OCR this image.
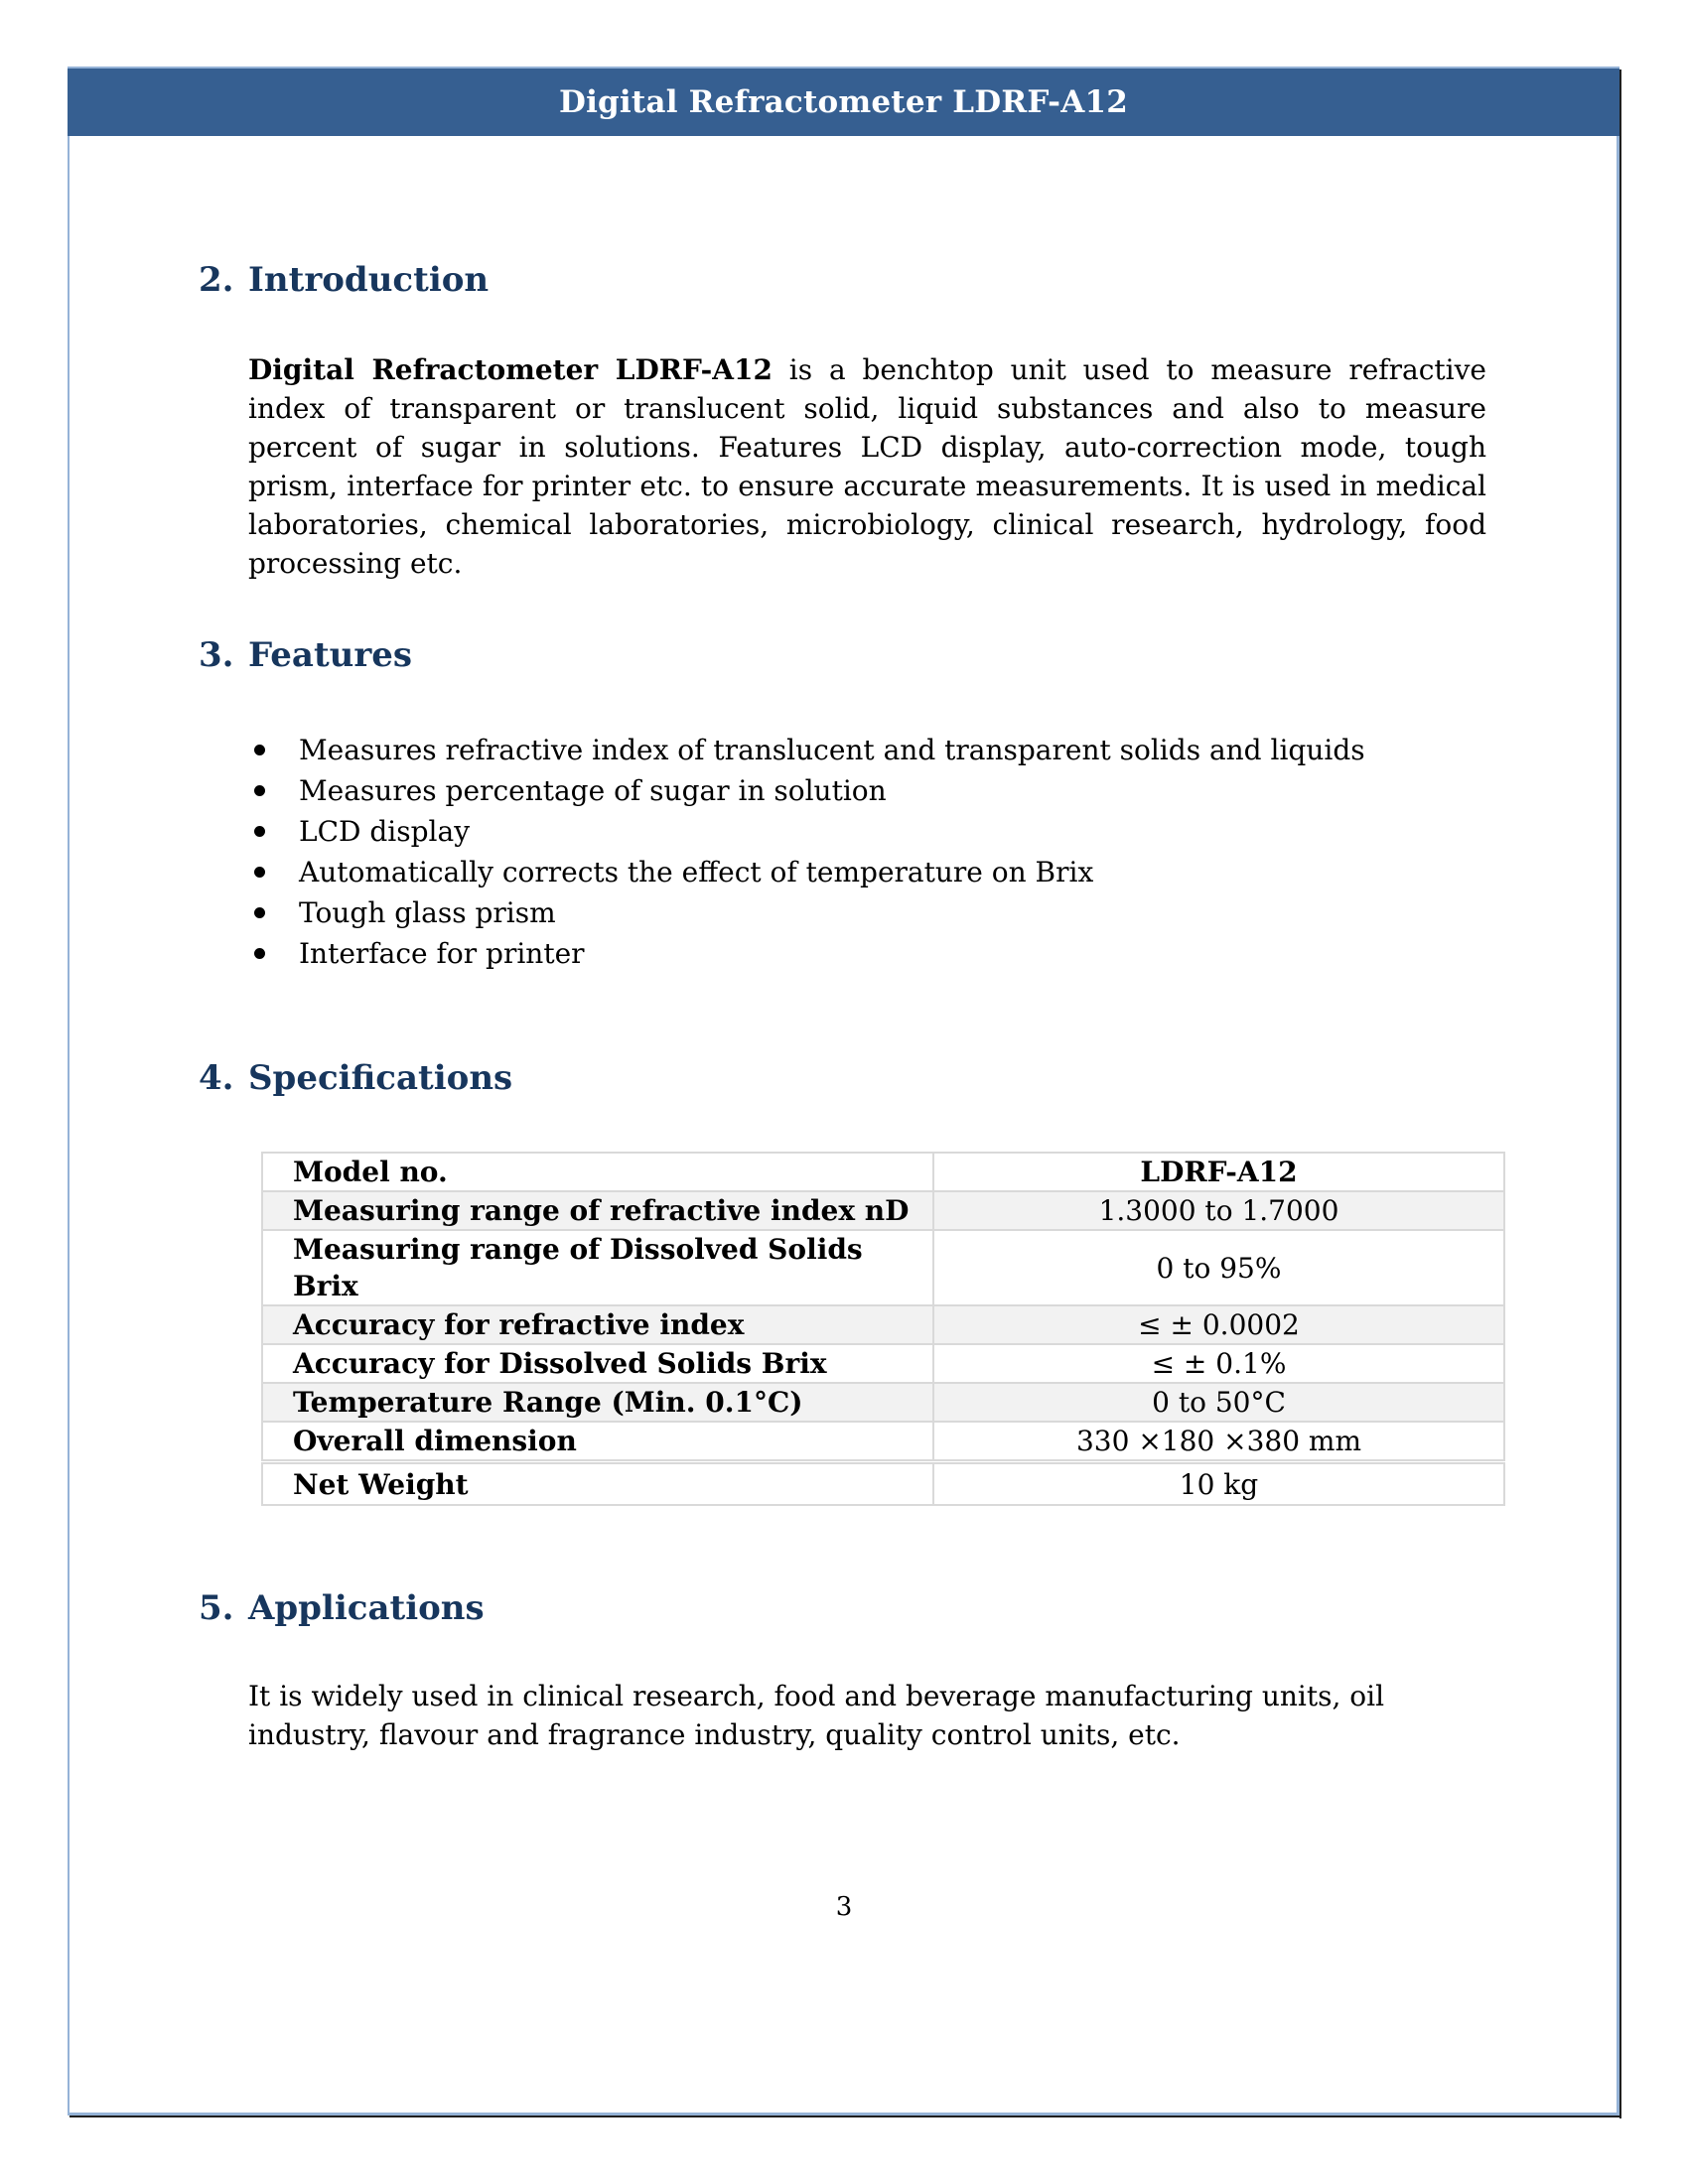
Digital Refractometer LDRF-A12
2. Introduction
Digital Refractometer LDRF-A12 is a benchtop unit used to measure refractive index of transparent or translucent solid, liquid substances and also to measure percent of sugar in solutions. Features LCD display, auto-correction mode, tough prism, interface for printer etc. to ensure accurate measurements. It is used in medical laboratories, chemical laboratories, microbiology, clinical research, hydrology, food processing etc.
3. Features
Measures refractive index of translucent and transparent solids and liquids
Measures percentage of sugar in solution
LCD display
Automatically corrects the effect of temperature on Brix
Tough glass prism
Interface for printer
4. Specifications
Model no.	LDRF-A12
Measuring range of refractive index nD	1.3000 to 1.7000
Measuring range of Dissolved Solids Brix	0 to 95%
Accuracy for refractive index	≤ ± 0.0002
Accuracy for Dissolved Solids Brix	≤ ± 0.1%
Temperature Range (Min. 0.1°C)	0 to 50°C
Overall dimension	330 ×180 ×380 mm
Net Weight	10 kg
5. Applications
It is widely used in clinical research, food and beverage manufacturing units, oil industry, flavour and fragrance industry, quality control units, etc.
3
